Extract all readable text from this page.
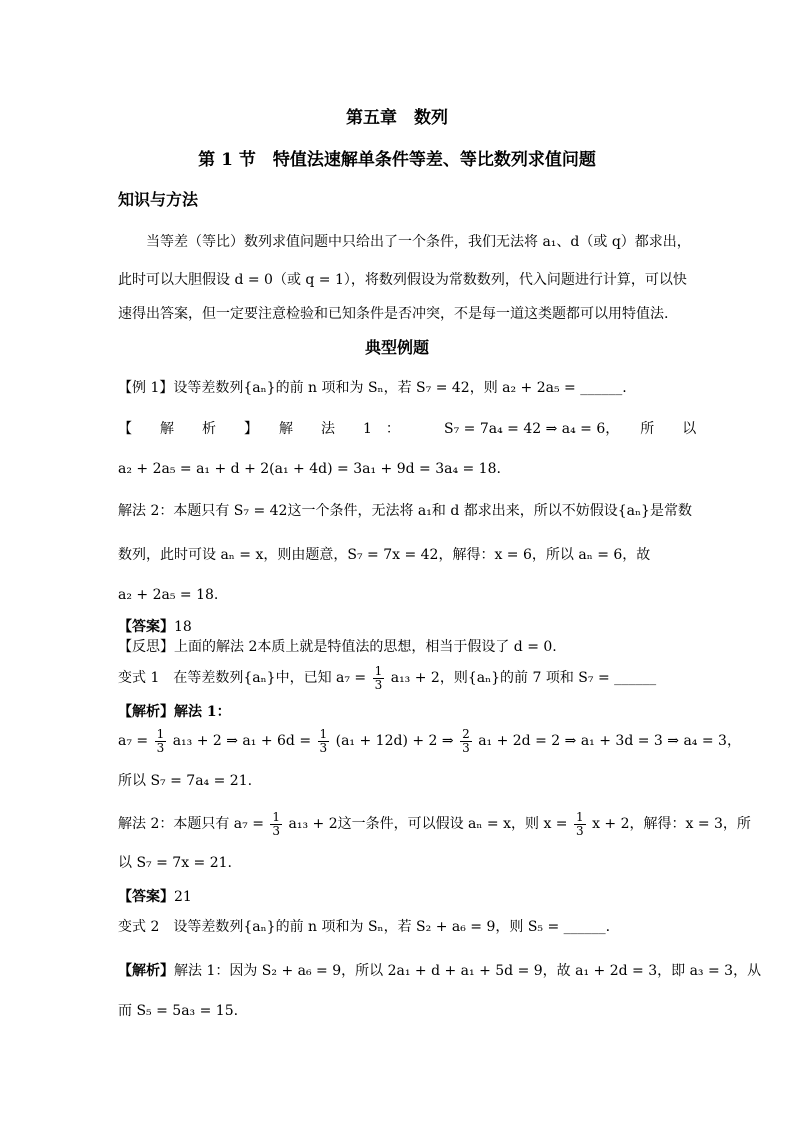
第五章　数列
第 1 节　特值法速解单条件等差、等比数列求值问题
知识与方法
当等差（等比）数列求值问题中只给出了一个条件，我们无法将 a₁、d（或 q）都求出，
此时可以大胆假设 d = 0（或 q = 1），将数列假设为常数数列，代入问题进行计算，可以快
速得出答案，但一定要注意检验和已知条件是否冲突，不是每一道这类题都可以用特值法.
典型例题
【例 1】设等差数列{aₙ}的前 n 项和为 Sₙ，若 S₇ = 42，则 a₂ + 2a₅ = ______.
【　　解　　析　　】　　解　　法　　1　：	S₇ = 7a₄ = 42 ⇒ a₄ = 6，　　所　　以
a₂ + 2a₅ = a₁ + d + 2(a₁ + 4d) = 3a₁ + 9d = 3a₄ = 18.
解法 2：本题只有 S₇ = 42这一个条件，无法将 a₁和 d 都求出来，所以不妨假设{aₙ}是常数
数列，此时可设 aₙ = x，则由题意，S₇ = 7x = 42，解得：x = 6，所以 aₙ = 6，故
a₂ + 2a₅ = 18.
【答案】18
【反思】上面的解法 2本质上就是特值法的思想，相当于假设了 d = 0.
变式 1　在等差数列{aₙ}中，已知 $a_7 = \frac{1}{3} a_{13} + 2$，则{aₙ}的前 7 项和 S₇ = ______
【解析】解法 1：
$a_7 = \frac{1}{3} a_{13} + 2$ ⇒ $a_1 + 6d = \frac{1}{3} (a_1 + 12d) + 2$ ⇒ $\frac{2}{3} a_1 + 2d = 2$ ⇒ a₁ + 3d = 3 ⇒ a₄ = 3，
所以 S₇ = 7a₄ = 21.
解法 2：本题只有 $a_7 = \frac{1}{3} a_{13} + 2$这一条件，可以假设 aₙ = x，则 $x = \frac{1}{3}$ x + 2，解得：x = 3，所
以 S₇ = 7x = 21.
【答案】21
变式 2　设等差数列{aₙ}的前 n 项和为 Sₙ，若 S₂ + a₆ = 9，则 S₅ = ______.
【解析】解法 1：因为 S₂ + a₆ = 9，所以 2a₁ + d + a₁ + 5d = 9，故 a₁ + 2d = 3，即 a₃ = 3，从
而 S₅ = 5a₃ = 15.
